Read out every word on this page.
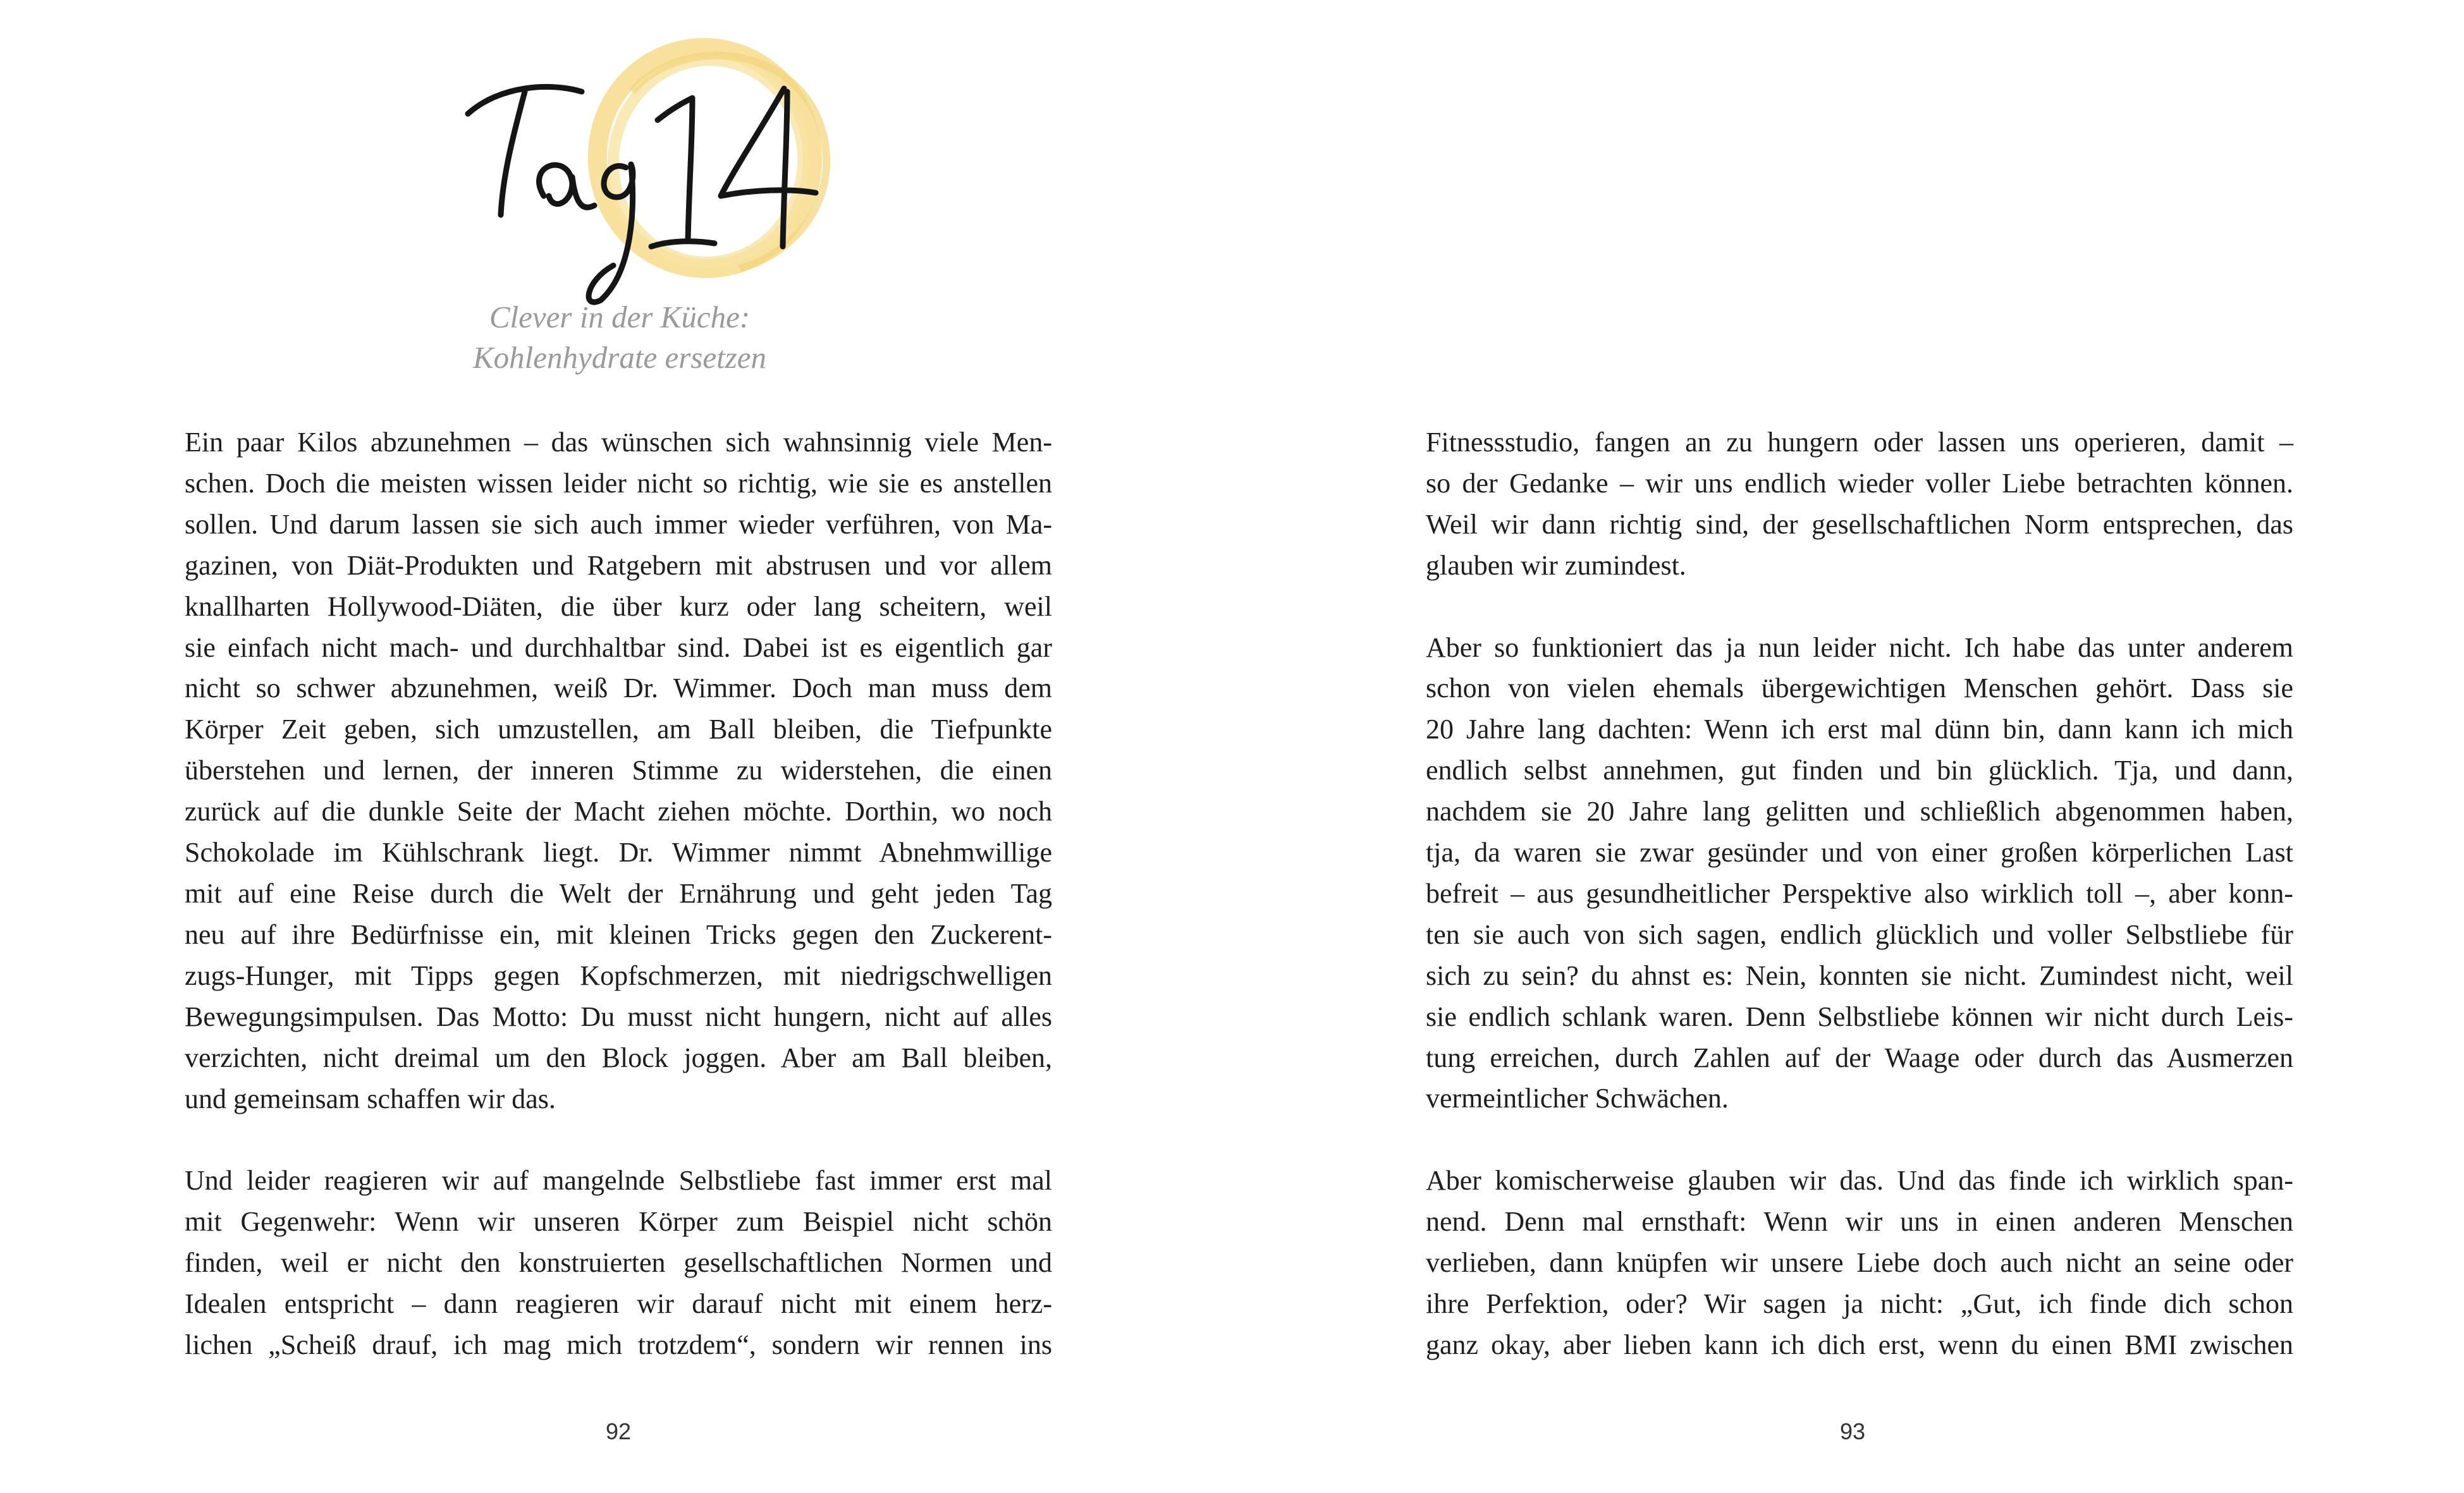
Clever in der Küche:
Kohlenhydrate ersetzen

Ein paar Kilos abzunehmen – das wünschen sich wahnsinnig viele Men-

schen. Doch die meisten wissen leider nicht so richtig, wie sie es anstellen

sollen. Und darum lassen sie sich auch immer wieder verführen, von Ma-

gazinen, von Diät-Produkten und Ratgebern mit abstrusen und vor allem

knallharten Hollywood-Diäten, die über kurz oder lang scheitern, weil

sie einfach nicht mach- und durchhaltbar sind. Dabei ist es eigentlich gar

nicht so schwer abzunehmen, weiß Dr. Wimmer. Doch man muss dem

Körper Zeit geben, sich umzustellen, am Ball bleiben, die Tiefpunkte

überstehen und lernen, der inneren Stimme zu widerstehen, die einen

zurück auf die dunkle Seite der Macht ziehen möchte. Dorthin, wo noch

Schokolade im Kühlschrank liegt. Dr. Wimmer nimmt Abnehmwillige

mit auf eine Reise durch die Welt der Ernährung und geht jeden Tag

neu auf ihre Bedürfnisse ein, mit kleinen Tricks gegen den Zuckerent-

zugs-Hunger, mit Tipps gegen Kopfschmerzen, mit niedrigschwelligen

Bewegungsimpulsen. Das Motto: Du musst nicht hungern, nicht auf alles

verzichten, nicht dreimal um den Block joggen. Aber am Ball bleiben,

und gemeinsam schaffen wir das.

Und leider reagieren wir auf mangelnde Selbstliebe fast immer erst mal

mit Gegenwehr: Wenn wir unseren Körper zum Beispiel nicht schön

finden, weil er nicht den konstruierten gesellschaftlichen Normen und

Idealen entspricht – dann reagieren wir darauf nicht mit einem herz-

lichen „Scheiß drauf, ich mag mich trotzdem“, sondern wir rennen ins

92

Fitnessstudio, fangen an zu hungern oder lassen uns operieren, damit –

so der Gedanke – wir uns endlich wieder voller Liebe betrachten können.

Weil wir dann richtig sind, der gesellschaftlichen Norm entsprechen, das

glauben wir zumindest.

Aber so funktioniert das ja nun leider nicht. Ich habe das unter anderem

schon von vielen ehemals übergewichtigen Menschen gehört. Dass sie

20 Jahre lang dachten: Wenn ich erst mal dünn bin, dann kann ich mich

endlich selbst annehmen, gut finden und bin glücklich. Tja, und dann,

nachdem sie 20 Jahre lang gelitten und schließlich abgenommen haben,

tja, da waren sie zwar gesünder und von einer großen körperlichen Last

befreit – aus gesundheitlicher Perspektive also wirklich toll –, aber konn-

ten sie auch von sich sagen, endlich glücklich und voller Selbstliebe für

sich zu sein? du ahnst es: Nein, konnten sie nicht. Zumindest nicht, weil

sie endlich schlank waren. Denn Selbstliebe können wir nicht durch Leis-

tung erreichen, durch Zahlen auf der Waage oder durch das Ausmerzen

vermeintlicher Schwächen.

Aber komischerweise glauben wir das. Und das finde ich wirklich span-

nend. Denn mal ernsthaft: Wenn wir uns in einen anderen Menschen

verlieben, dann knüpfen wir unsere Liebe doch auch nicht an seine oder

ihre Perfektion, oder? Wir sagen ja nicht: „Gut, ich finde dich schon

ganz okay, aber lieben kann ich dich erst, wenn du einen BMI zwischen

93
